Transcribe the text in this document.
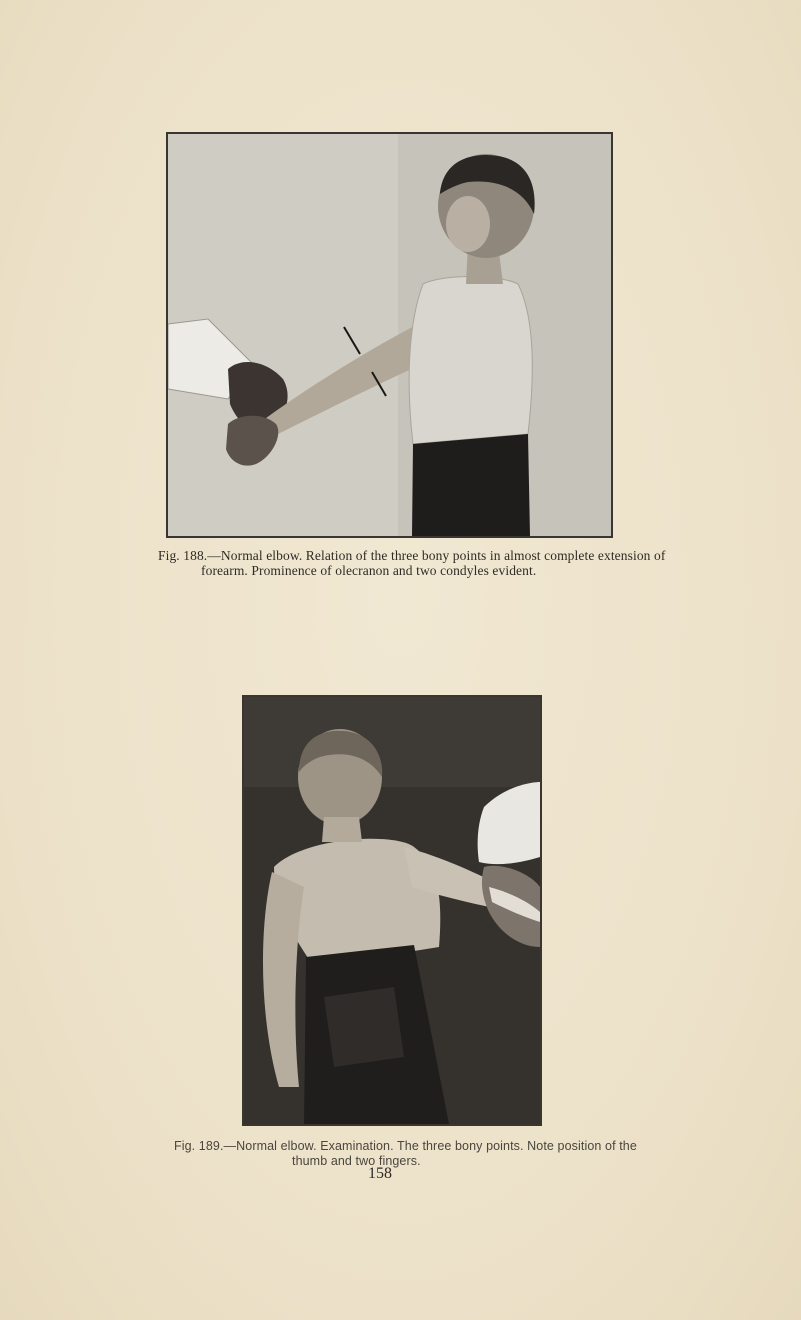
Fig. 188.—Normal elbow. Relation of the three bony points in almost complete extension of
forearm. Prominence of olecranon and two condyles evident.
Fig. 189.—Normal elbow. Examination. The three bony points. Note position of the
thumb and two fingers.
158
